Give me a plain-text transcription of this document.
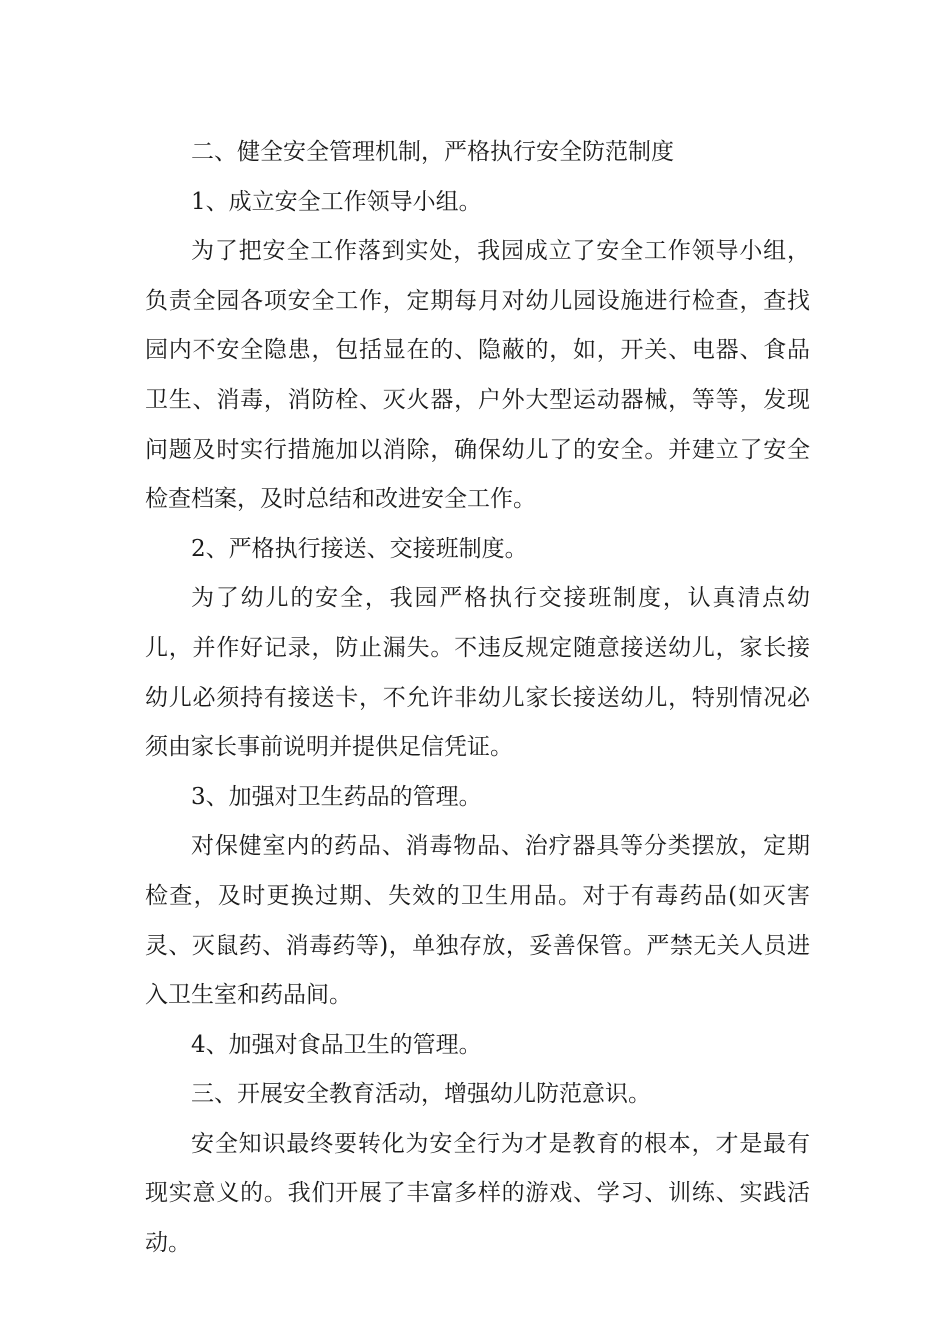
二、健全安全管理机制，严格执行安全防范制度

1、成立安全工作领导小组。

为了把安全工作落到实处，我园成立了安全工作领导小组，负责全园各项安全工作，定期每月对幼儿园设施进行检查，查找园内不安全隐患，包括显在的、隐蔽的，如，开关、电器、食品卫生、消毒，消防栓、灭火器，户外大型运动器械，等等，发现问题及时实行措施加以消除，确保幼儿了的安全。并建立了安全检查档案，及时总结和改进安全工作。

2、严格执行接送、交接班制度。

为了幼儿的安全，我园严格执行交接班制度，认真清点幼儿，并作好记录，防止漏失。不违反规定随意接送幼儿，家长接幼儿必须持有接送卡，不允许非幼儿家长接送幼儿，特别情况必须由家长事前说明并提供足信凭证。

3、加强对卫生药品的管理。

对保健室内的药品、消毒物品、治疗器具等分类摆放，定期检查，及时更换过期、失效的卫生用品。对于有毒药品(如灭害灵、灭鼠药、消毒药等)，单独存放，妥善保管。严禁无关人员进入卫生室和药品间。

4、加强对食品卫生的管理。

三、开展安全教育活动，增强幼儿防范意识。

安全知识最终要转化为安全行为才是教育的根本，才是最有现实意义的。我们开展了丰富多样的游戏、学习、训练、实践活动。
